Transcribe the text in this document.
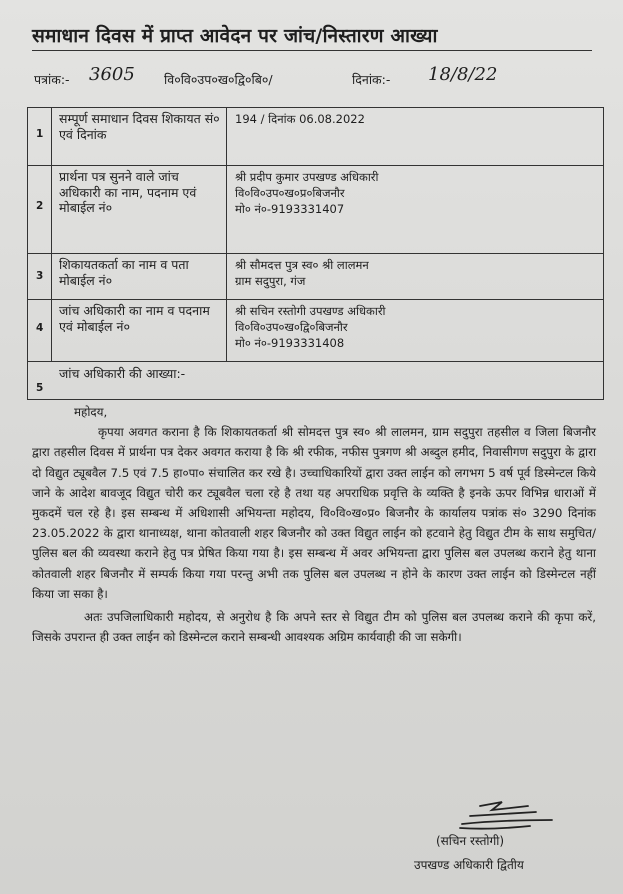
समाधान दिवस में प्राप्त आवेदन पर जांच/निस्तारण आख्या
पत्रांक:- 3605 वि०वि०उप०ख०द्वि०बि०/	दिनांक:- 18/8/22
1
सम्पूर्ण समाधान दिवस शिकायत सं० एवं दिनांक
194 / दिनांक 06.08.2022
2
प्रार्थना पत्र सुनने वाले जांच अधिकारी का नाम, पदनाम एवं मोबाईल नं०
श्री प्रदीप कुमार उपखण्ड अधिकारी
वि०वि०उप०ख०प्र०बिजनौर
मो० नं०-9193331407
3
शिकायतकर्ता का नाम व पता मोबाईल नं०
श्री सौमदत्त पुत्र स्व० श्री लालमन
ग्राम सदुपुरा, गंज
4
जांच अधिकारी का नाम व पदनाम एवं मोबाईल नं०
श्री सचिन रस्तोगी उपखण्ड अधिकारी
वि०वि०उप०ख०द्वि०बिजनौर
मो० नं०-9193331408
5
जांच अधिकारी की आख्या:-

महोदय,

कृपया अवगत कराना है कि शिकायतकर्ता श्री सोमदत्त पुत्र स्व० श्री लालमन, ग्राम सदुपुरा तहसील व जिला बिजनौर द्वारा तहसील दिवस में प्रार्थना पत्र देकर अवगत कराया है कि श्री रफीक, नफीस पुत्रगण श्री अब्दुल हमीद, निवासीगण सदुपुरा के द्वारा दो विद्युत ट्यूबवैल 7.5 एवं 7.5 हा०पा० संचालित कर रखे है। उच्चाधिकारियों द्वारा उक्त लाईन को लगभग 5 वर्ष पूर्व डिस्मेन्टल किये जाने के आदेश बावजूद विद्युत चोरी कर ट्यूबवैल चला रहे है तथा यह अपराधिक प्रवृत्ति के व्यक्ति है इनके ऊपर विभिन्न धाराओं में मुकदमें चल रहे है। इस सम्बन्ध में अधिशासी अभियन्ता महोदय, वि०वि०ख०प्र० बिजनौर के कार्यालय पत्रांक सं० 3290 दिनांक 23.05.2022 के द्वारा थानाध्यक्ष, थाना कोतवाली शहर बिजनौर को उक्त विद्युत लाईन को हटवाने हेतु विद्युत टीम के साथ समुचित/पुलिस बल की व्यवस्था कराने हेतु पत्र प्रेषित किया गया है। इस सम्बन्ध में अवर अभियन्ता द्वारा पुलिस बल उपलब्ध कराने हेतु थाना कोतवाली शहर बिजनौर में सम्पर्क किया गया परन्तु अभी तक पुलिस बल उपलब्ध न होने के कारण उक्त लाईन को डिस्मेन्टल नहीं किया जा सका है।

अतः उपजिलाधिकारी महोदय, से अनुरोध है कि अपने स्तर से विद्युत टीम को पुलिस बल उपलब्ध कराने की कृपा करें, जिसके उपरान्त ही उक्त लाईन को डिस्मेन्टल कराने सम्बन्धी आवश्यक अग्रिम कार्यवाही की जा सकेगी।

(सचिन रस्तोगी)
उपखण्ड अधिकारी द्वितीय
